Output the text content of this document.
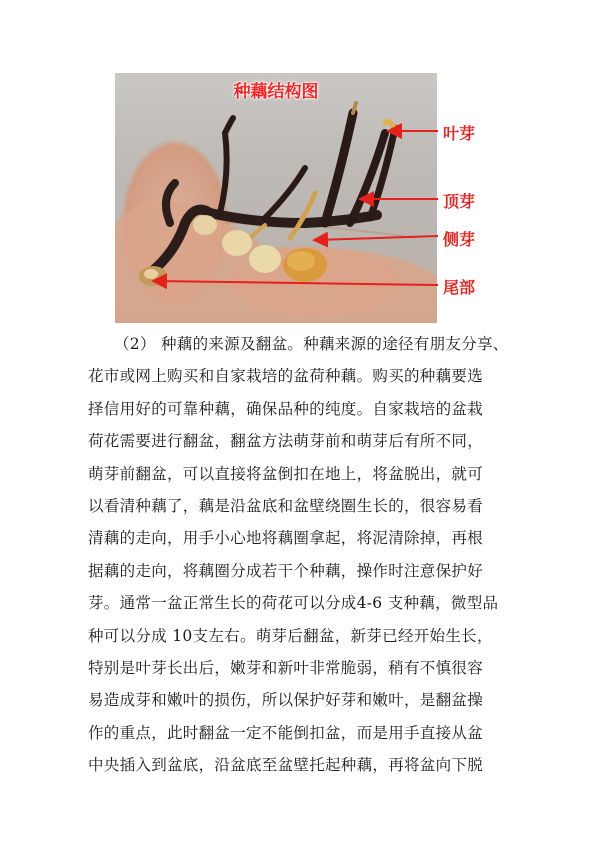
种藕结构图
叶芽
顶芽
侧芽
尾部

（2） 种藕的来源及翻盆。种藕来源的途径有朋友分享、
花市或网上购买和自家栽培的盆荷种藕。购买的种藕要选
择信用好的可靠种藕，确保品种的纯度。自家栽培的盆栽
荷花需要进行翻盆，翻盆方法萌芽前和萌芽后有所不同，
萌芽前翻盆，可以直接将盆倒扣在地上，将盆脱出，就可
以看清种藕了，藕是沿盆底和盆壁绕圈生长的，很容易看
清藕的走向，用手小心地将藕圈拿起，将泥清除掉，再根
据藕的走向，将藕圈分成若干个种藕，操作时注意保护好
芽。通常一盆正常生长的荷花可以分成4-6 支种藕，微型品
种可以分成 10支左右。萌芽后翻盆，新芽已经开始生长，
特别是叶芽长出后，嫩芽和新叶非常脆弱，稍有不慎很容
易造成芽和嫩叶的损伤，所以保护好芽和嫩叶，是翻盆操
作的重点，此时翻盆一定不能倒扣盆，而是用手直接从盆
中央插入到盆底，沿盆底至盆壁托起种藕，再将盆向下脱
